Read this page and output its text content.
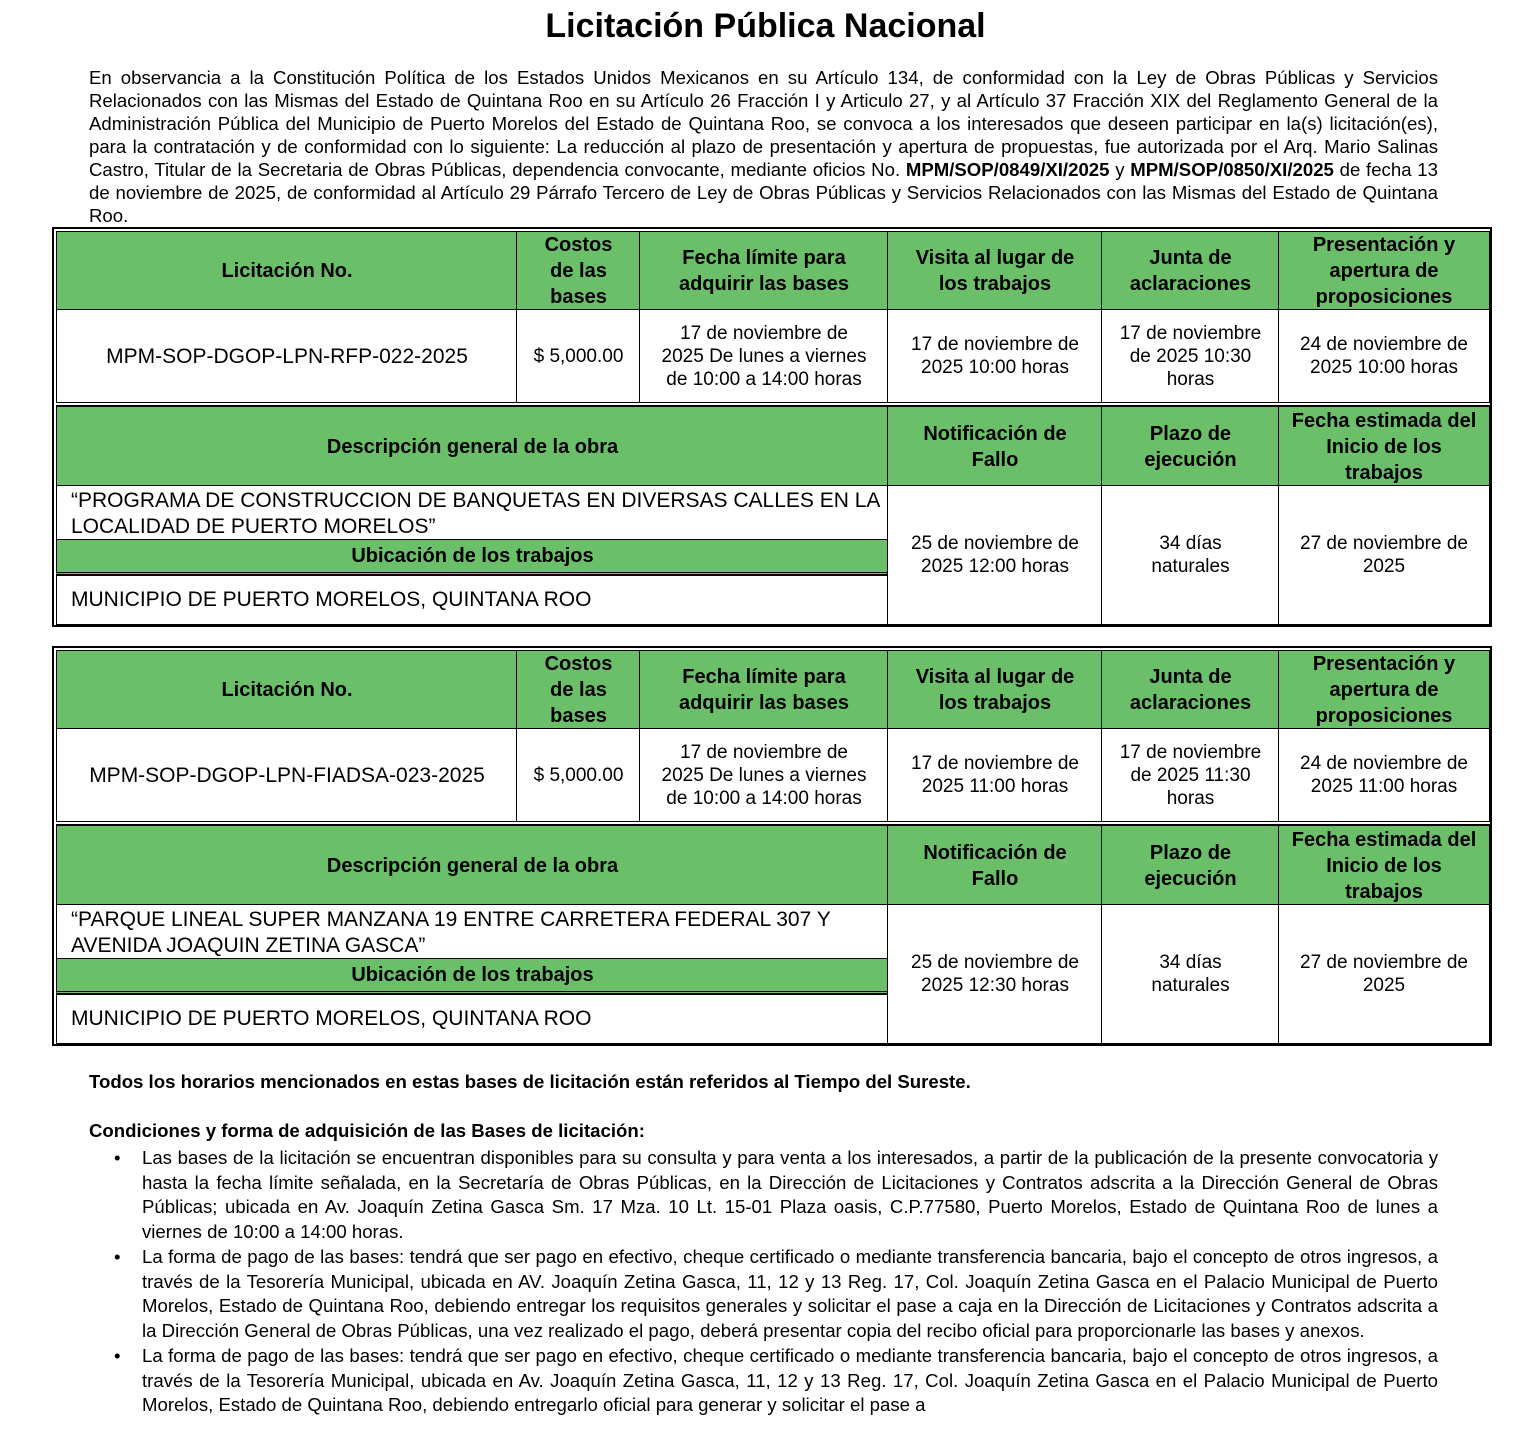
Licitación Pública Nacional

En observancia a la Constitución Política de los Estados Unidos Mexicanos en su Artículo 134, de conformidad con la Ley de Obras Públicas y Servicios Relacionados con las Mismas del Estado de Quintana Roo en su Artículo 26 Fracción I y Articulo 27, y al Artículo 37 Fracción XIX del Reglamento General de la Administración Pública del Municipio de Puerto Morelos del Estado de Quintana Roo, se convoca a los interesados que deseen participar en la(s) licitación(es), para la contratación y de conformidad con lo siguiente: La reducción al plazo de presentación y apertura de propuestas, fue autorizada por el Arq. Mario Salinas Castro, Titular de la Secretaria de Obras Públicas, dependencia convocante, mediante oficios No. MPM/SOP/0849/XI/2025 y MPM/SOP/0850/XI/2025 de fecha 13 de noviembre de 2025, de conformidad al Artículo 29 Párrafo Tercero de Ley de Obras Públicas y Servicios Relacionados con las Mismas del Estado de Quintana Roo.

Licitación No.
Costos de las bases
Fecha límite para adquirir las bases
Visita al lugar de los trabajos
Junta de aclaraciones
Presentación y apertura de proposiciones
MPM-SOP-DGOP-LPN-RFP-022-2025	$ 5,000.00
17 de noviembre de 2025 De lunes a viernes de 10:00 a 14:00 horas
17 de noviembre de 2025 10:00 horas
17 de noviembre de 2025 10:30 horas
24 de noviembre de 2025 10:00 horas
Descripción general de la obra
Notificación de Fallo
Plazo de ejecución
Fecha estimada del Inicio de los trabajos
“PROGRAMA DE CONSTRUCCION DE BANQUETAS EN DIVERSAS CALLES EN LA LOCALIDAD DE PUERTO MORELOS”
Ubicación de los trabajos
MUNICIPIO DE PUERTO MORELOS, QUINTANA ROO
25 de noviembre de 2025 12:00 horas
34 días naturales
27 de noviembre de 2025
Licitación No.
Costos de las bases
Fecha límite para adquirir las bases
Visita al lugar de los trabajos
Junta de aclaraciones
Presentación y apertura de proposiciones
MPM-SOP-DGOP-LPN-FIADSA-023-2025	$ 5,000.00
17 de noviembre de 2025 De lunes a viernes de 10:00 a 14:00 horas
17 de noviembre de 2025 11:00 horas
17 de noviembre de 2025 11:30 horas
24 de noviembre de 2025 11:00 horas
Descripción general de la obra
Notificación de Fallo
Plazo de ejecución
Fecha estimada del Inicio de los trabajos
“PARQUE LINEAL SUPER MANZANA 19 ENTRE CARRETERA FEDERAL 307 Y AVENIDA JOAQUIN ZETINA GASCA”
Ubicación de los trabajos
MUNICIPIO DE PUERTO MORELOS, QUINTANA ROO
25 de noviembre de 2025 12:30 horas
34 días naturales
27 de noviembre de 2025

Todos los horarios mencionados en estas bases de licitación están referidos al Tiempo del Sureste.

Condiciones y forma de adquisición de las Bases de licitación:

• Las bases de la licitación se encuentran disponibles para su consulta y para venta a los interesados, a partir de la publicación de la presente convocatoria y hasta la fecha límite señalada, en la Secretaría de Obras Públicas, en la Dirección de Licitaciones y Contratos adscrita a la Dirección General de Obras Públicas; ubicada en Av. Joaquín Zetina Gasca Sm. 17 Mza. 10 Lt. 15-01 Plaza oasis, C.P.77580, Puerto Morelos, Estado de Quintana Roo de lunes a viernes de 10:00 a 14:00 horas.
• La forma de pago de las bases: tendrá que ser pago en efectivo, cheque certificado o mediante transferencia bancaria, bajo el concepto de otros ingresos, a través de la Tesorería Municipal, ubicada en AV. Joaquín Zetina Gasca, 11, 12 y 13 Reg. 17, Col. Joaquín Zetina Gasca en el Palacio Municipal de Puerto Morelos, Estado de Quintana Roo, debiendo entregar los requisitos generales y solicitar el pase a caja en la Dirección de Licitaciones y Contratos adscrita a la Dirección General de Obras Públicas, una vez realizado el pago, deberá presentar copia del recibo oficial para proporcionarle las bases y anexos.
• La forma de pago de las bases: tendrá que ser pago en efectivo, cheque certificado o mediante transferencia bancaria, bajo el concepto de otros ingresos, a través de la Tesorería Municipal, ubicada en Av. Joaquín Zetina Gasca, 11, 12 y 13 Reg. 17, Col. Joaquín Zetina Gasca en el Palacio Municipal de Puerto Morelos, Estado de Quintana Roo, debiendo entregarlo oficial para generar y solicitar el pase a
